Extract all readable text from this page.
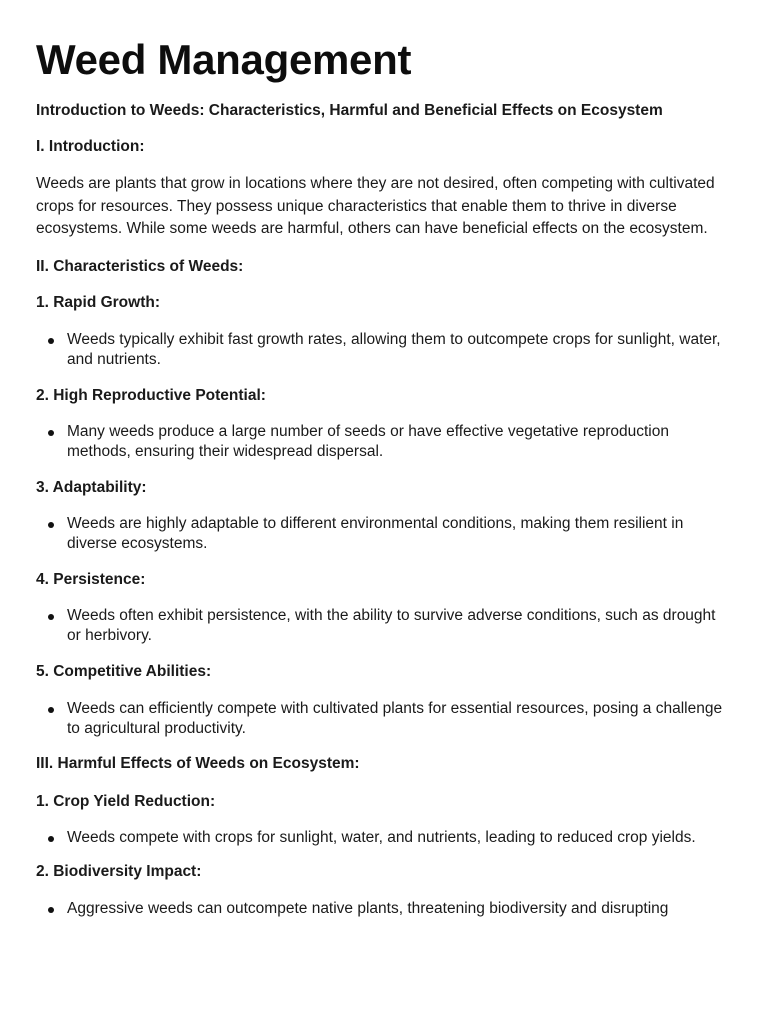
Weed Management

Introduction to Weeds: Characteristics, Harmful and Beneficial Effects on Ecosystem

I. Introduction:

Weeds are plants that grow in locations where they are not desired, often competing with cultivated crops for resources. They possess unique characteristics that enable them to thrive in diverse ecosystems. While some weeds are harmful, others can have beneficial effects on the ecosystem.

II. Characteristics of Weeds:

1. Rapid Growth:

Weeds typically exhibit fast growth rates, allowing them to outcompete crops for sunlight, water, and nutrients.

2. High Reproductive Potential:

Many weeds produce a large number of seeds or have effective vegetative reproduction methods, ensuring their widespread dispersal.

3. Adaptability:

Weeds are highly adaptable to different environmental conditions, making them resilient in diverse ecosystems.

4. Persistence:

Weeds often exhibit persistence, with the ability to survive adverse conditions, such as drought or herbivory.

5. Competitive Abilities:

Weeds can efficiently compete with cultivated plants for essential resources, posing a challenge to agricultural productivity.

III. Harmful Effects of Weeds on Ecosystem:

1. Crop Yield Reduction:

Weeds compete with crops for sunlight, water, and nutrients, leading to reduced crop yields.

2. Biodiversity Impact:

Aggressive weeds can outcompete native plants, threatening biodiversity and disrupting
